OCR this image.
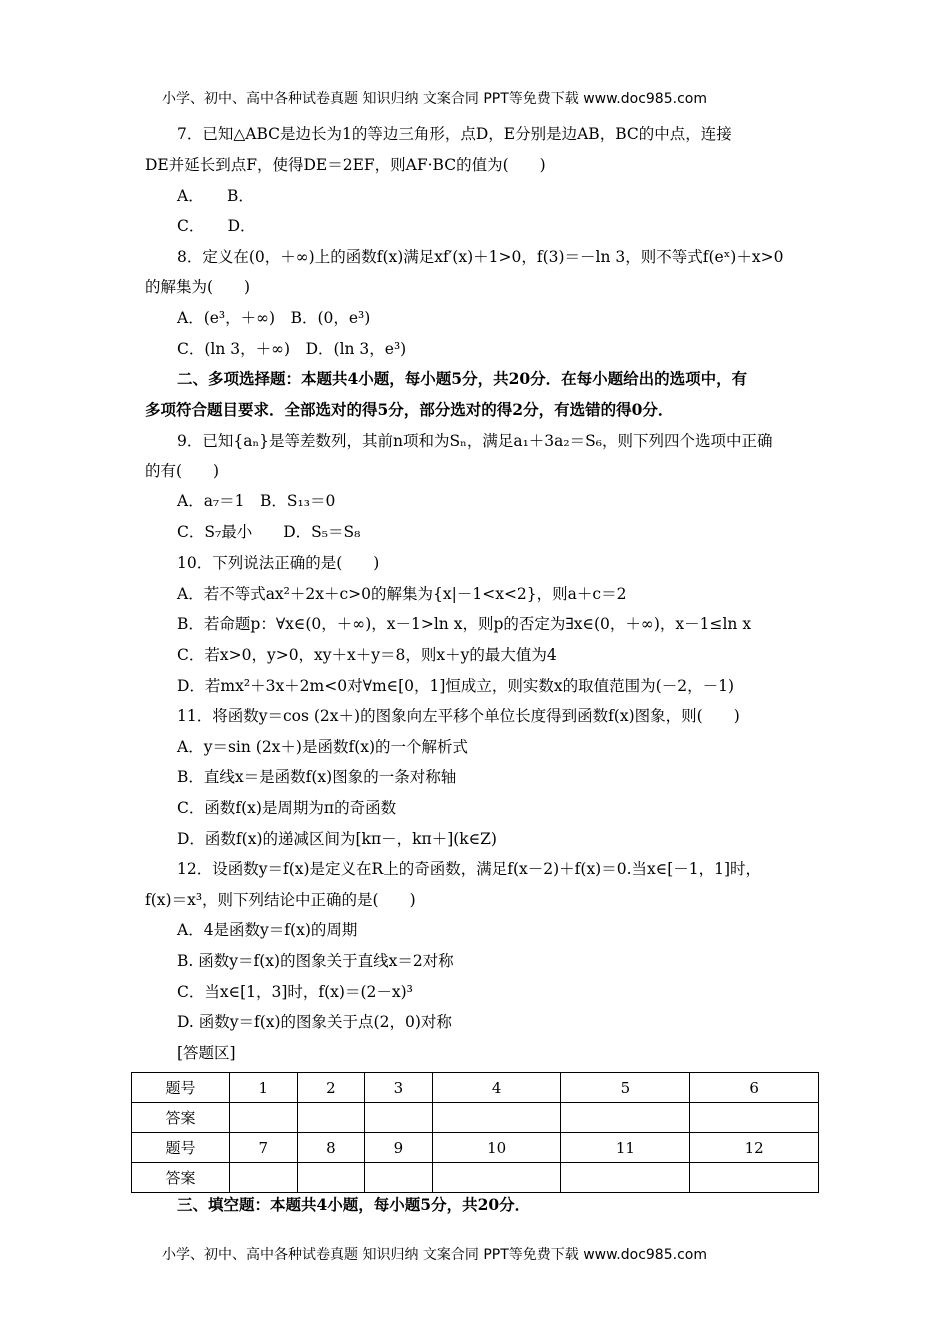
小学、初中、高中各种试卷真题 知识归纳 文案合同 PPT等免费下载 www.doc985.com
7．已知△ABC是边长为1的等边三角形，点D，E分别是边AB，BC的中点，连接
DE并延长到点F，使得DE＝2EF，则AF·BC的值为(　　)
A．　　B．
C．　　D．
8．定义在(0，＋∞)上的函数f(x)满足xf′(x)＋1>0，f(3)＝－ln 3，则不等式f(eˣ)＋x>0
的解集为(　　)
A．(e³，＋∞)　B．(0，e³)
C．(ln 3，＋∞)　D．(ln 3，e³)
二、多项选择题：本题共4小题，每小题5分，共20分．在每小题给出的选项中，有
多项符合题目要求．全部选对的得5分，部分选对的得2分，有选错的得0分．
9．已知{aₙ}是等差数列，其前n项和为Sₙ，满足a₁＋3a₂＝S₆，则下列四个选项中正确
的有(　　)
A．a₇＝1　B．S₁₃＝0
C．S₇最小　　D．S₅＝S₈
10．下列说法正确的是(　　)
A．若不等式ax²＋2x＋c>0的解集为{x|－1<x<2}，则a＋c＝2
B．若命题p：∀x∈(0，＋∞)，x－1>ln x，则p的否定为∃x∈(0，＋∞)，x－1≤ln x
C．若x>0，y>0，xy＋x＋y＝8，则x＋y的最大值为4
D．若mx²＋3x＋2m<0对∀m∈[0，1]恒成立，则实数x的取值范围为(－2，－1)
11．将函数y＝cos (2x＋)的图象向左平移个单位长度得到函数f(x)图象，则(　　)
A．y＝sin (2x＋)是函数f(x)的一个解析式
B．直线x＝是函数f(x)图象的一条对称轴
C．函数f(x)是周期为π的奇函数
D．函数f(x)的递减区间为[kπ－，kπ＋](k∈Z)
12．设函数y＝f(x)是定义在R上的奇函数，满足f(x－2)＋f(x)＝0.当x∈[－1，1]时，
f(x)＝x³，则下列结论中正确的是(　　)
A．4是函数y＝f(x)的周期
B. 函数y＝f(x)的图象关于直线x＝2对称
C．当x∈[1，3]时，f(x)＝(2－x)³
D. 函数y＝f(x)的图象关于点(2，0)对称
[答题区]
题号	1	2	3	4	5	6
答案						
题号	7	8	9	10	11	12
答案						
三、填空题：本题共4小题，每小题5分，共20分．
小学、初中、高中各种试卷真题 知识归纳 文案合同 PPT等免费下载 www.doc985.com
